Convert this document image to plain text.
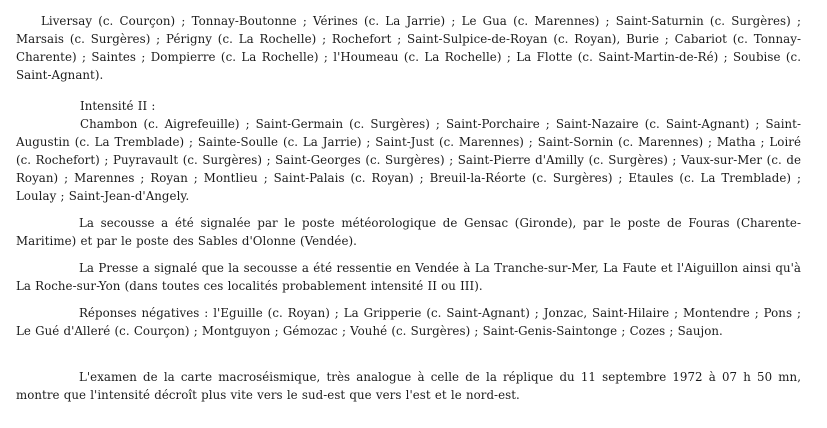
Liversay (c. Courçon) ; Tonnay-Boutonne ; Vérines (c. La Jarrie) ; Le Gua (c. Marennes) ; Saint-Saturnin (c. Surgères) ; Marsais (c. Surgères) ; Périgny (c. La Rochelle) ; Rochefort ; Saint-Sulpice-de-Royan (c. Royan), Burie ; Cabariot (c. Tonnay-Charente) ; Saintes ; Dompierre (c. La Rochelle) ; l'Houmeau (c. La Rochelle) ; La Flotte (c. Saint-Martin-de-Ré) ; Soubise (c. Saint-Agnant).

Intensité II :

Chambon (c. Aigrefeuille) ; Saint-Germain (c. Surgères) ; Saint-Porchaire ; Saint-Nazaire (c. Saint-Agnant) ; Saint-Augustin (c. La Tremblade) ; Sainte-Soulle (c. La Jarrie) ; Saint-Just (c. Marennes) ; Saint-Sornin (c. Marennes) ; Matha ; Loiré (c. Rochefort) ; Puyravault (c. Surgères) ; Saint-Georges (c. Surgères) ; Saint-Pierre d'Amilly (c. Surgères) ; Vaux-sur-Mer (c. de Royan) ; Marennes ; Royan ; Montlieu ; Saint-Palais (c. Royan) ; Breuil-la-Réorte (c. Surgères) ; Etaules (c. La Tremblade) ; Loulay ; Saint-Jean-d'Angely.

La secousse a été signalée par le poste météorologique de Gensac (Gironde), par le poste de Fouras (Charente-Maritime) et par le poste des Sables d'Olonne (Vendée).

La Presse a signalé que la secousse a été ressentie en Vendée à La Tranche-sur-Mer, La Faute et l'Aiguillon ainsi qu'à La Roche-sur-Yon (dans toutes ces localités probablement intensité II ou III).

Réponses négatives : l'Eguille (c. Royan) ; La Gripperie (c. Saint-Agnant) ; Jonzac, Saint-Hilaire ; Montendre ; Pons ; Le Gué d'Alleré (c. Courçon) ; Montguyon ; Gémozac ; Vouhé (c. Surgères) ; Saint-Genis-Saintonge ; Cozes ; Saujon.

L'examen de la carte macroséismique, très analogue à celle de la réplique du 11 septembre 1972 à 07 h 50 mn, montre que l'intensité décroît plus vite vers le sud-est que vers l'est et le nord-est.
